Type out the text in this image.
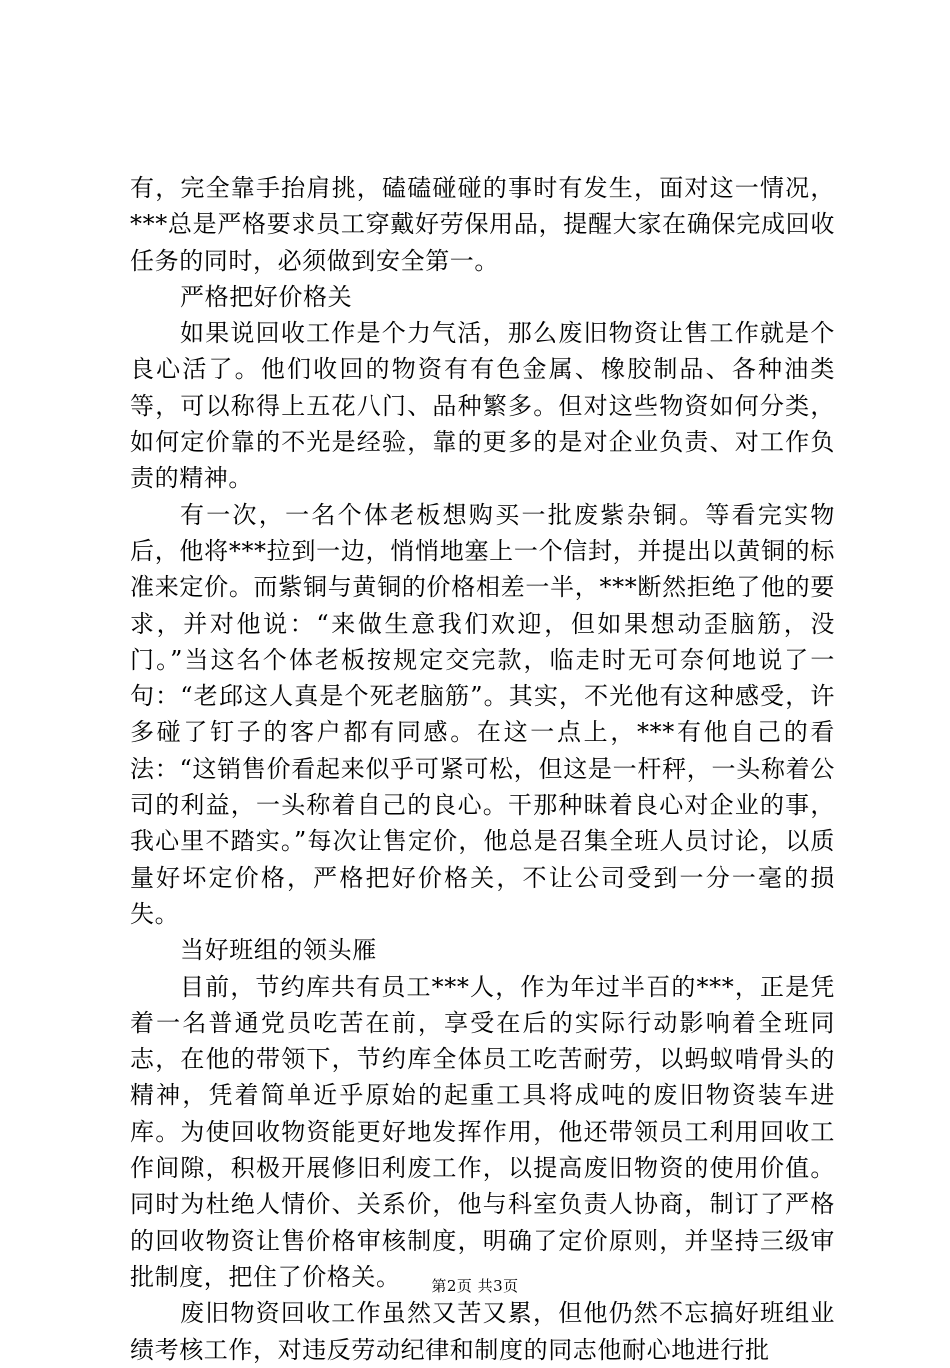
有，完全靠手抬肩挑，磕磕碰碰的事时有发生，面对这一情况，***总是严格要求员工穿戴好劳保用品，提醒大家在确保完成回收任务的同时，必须做到安全第一。

严格把好价格关

如果说回收工作是个力气活，那么废旧物资让售工作就是个良心活了。他们收回的物资有有色金属、橡胶制品、各种油类等，可以称得上五花八门、品种繁多。但对这些物资如何分类，如何定价靠的不光是经验，靠的更多的是对企业负责、对工作负责的精神。

有一次，一名个体老板想购买一批废紫杂铜。等看完实物后，他将***拉到一边，悄悄地塞上一个信封，并提出以黄铜的标准来定价。而紫铜与黄铜的价格相差一半，***断然拒绝了他的要求，并对他说：“来做生意我们欢迎，但如果想动歪脑筋，没门。”当这名个体老板按规定交完款，临走时无可奈何地说了一句：“老邱这人真是个死老脑筋”。其实，不光他有这种感受，许多碰了钉子的客户都有同感。在这一点上，***有他自己的看法：“这销售价看起来似乎可紧可松，但这是一杆秤，一头称着公司的利益，一头称着自己的良心。干那种昧着良心对企业的事，我心里不踏实。”每次让售定价，他总是召集全班人员讨论，以质量好坏定价格，严格把好价格关，不让公司受到一分一毫的损失。

当好班组的领头雁

目前，节约库共有员工***人，作为年过半百的***，正是凭着一名普通党员吃苦在前，享受在后的实际行动影响着全班同志，在他的带领下，节约库全体员工吃苦耐劳，以蚂蚁啃骨头的精神，凭着简单近乎原始的起重工具将成吨的废旧物资装车进库。为使回收物资能更好地发挥作用，他还带领员工利用回收工作间隙，积极开展修旧利废工作，以提高废旧物资的使用价值。同时为杜绝人情价、关系价，他与科室负责人协商，制订了严格的回收物资让售价格审核制度，明确了定价原则，并坚持三级审批制度，把住了价格关。

废旧物资回收工作虽然又苦又累，但他仍然不忘搞好班组业绩考核工作，对违反劳动纪律和制度的同志他耐心地进行批

第2页 共3页
